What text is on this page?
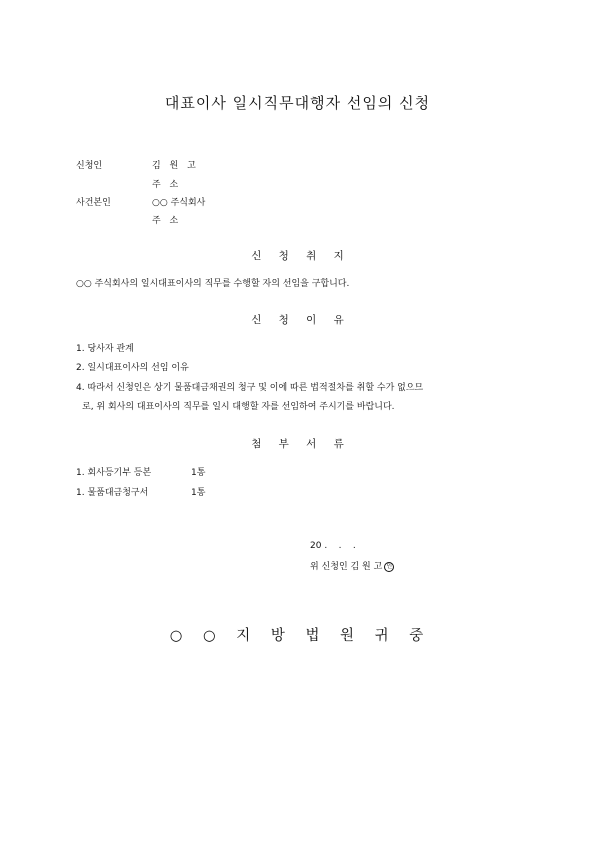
대표이사 일시직무대행자 선임의 신청
신청인	김 원 고
주 소
사건본인	○○ 주식회사
주 소
신 청 취 지
○○ 주식회사의 일시대표이사의 직무를 수행할 자의 선임을 구합니다.
신 청 이 유
1. 당사자 관계
2. 일시대표이사의 선임 이유
4. 따라서 신청인은 상기 물품대금채권의 청구 및 이에 따른 법적절차를 취할 수가 없으므
로, 위 회사의 대표이사의 직무를 일시 대행할 자를 선임하여 주시기를 바랍니다.
첨 부 서 류
1. 회사등기부 등본	1통
1. 물품대금청구서	1통
20 .    .    .
위 신청인 김 원 고 인
○ ○ 지 방 법 원 귀 중
